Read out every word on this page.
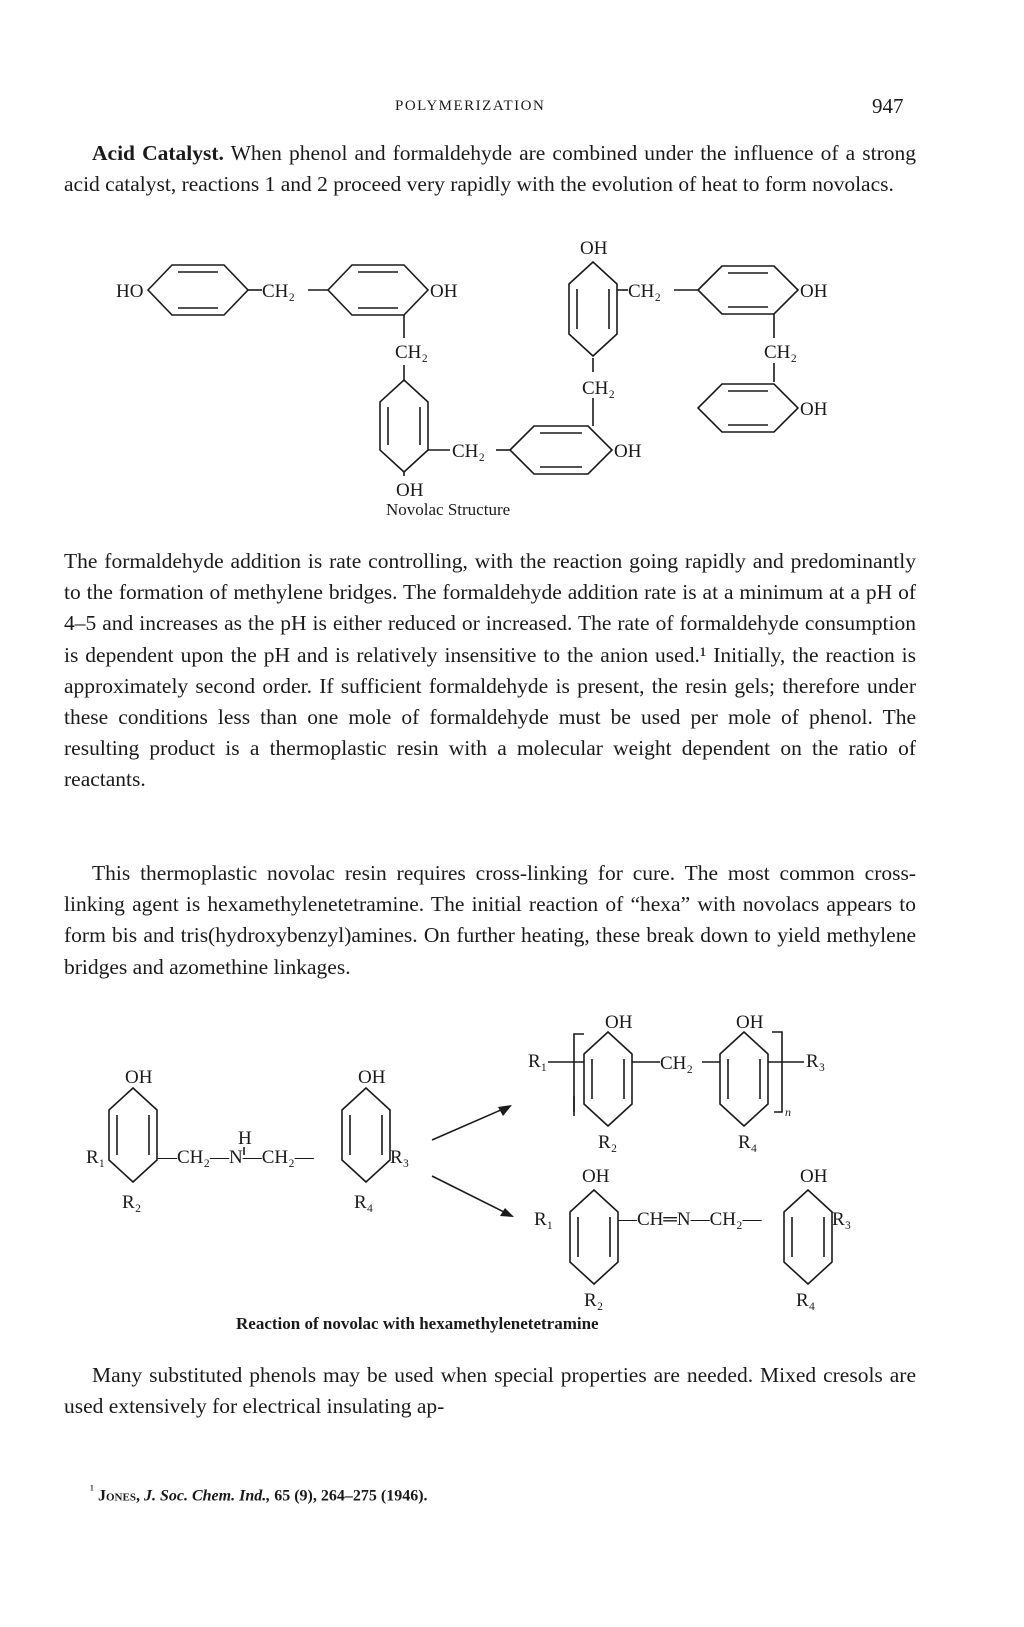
POLYMERIZATION	947

Acid Catalyst. When phenol and formaldehyde are combined under the influence of a strong acid catalyst, reactions 1 and 2 proceed very rapidly with the evolution of heat to form novolacs.

HO	CH₂	OH
CH₂
OH
CH₂	OH
CH₂
OH
CH₂	OH
CH₂
OH
Novolac Structure

The formaldehyde addition is rate controlling, with the reaction going rapidly and predominantly to the formation of methylene bridges. The formaldehyde addition rate is at a minimum at a pH of 4–5 and increases as the pH is either reduced or increased. The rate of formaldehyde consumption is dependent upon the pH and is relatively insensitive to the anion used.¹ Initially, the reaction is approximately second order. If sufficient formaldehyde is present, the resin gels; therefore under these conditions less than one mole of formaldehyde must be used per mole of phenol. The resulting product is a thermoplastic resin with a molecular weight dependent on the ratio of reactants.

This thermoplastic novolac resin requires cross-linking for cure. The most common cross-linking agent is hexamethylenetetramine. The initial reaction of “hexa” with novolacs appears to form bis and tris(hydroxybenzyl)amines. On further heating, these break down to yield methylene bridges and azomethine linkages.

OH
R₁
R₂
H
—CH₂—N—CH₂—
OH
R₃
R₄
OH
R₁
R₂
CH₂
OH
n
R₃
R₄
OH
R₁
R₂
—CH═N—CH₂—
OH
R₃
R₄
Reaction of novolac with hexamethylenetetramine

Many substituted phenols may be used when special properties are needed. Mixed cresols are used extensively for electrical insulating ap-

$^{^1}$ Jones, J. Soc. Chem. Ind., 65 (9), 264–275 (1946).
